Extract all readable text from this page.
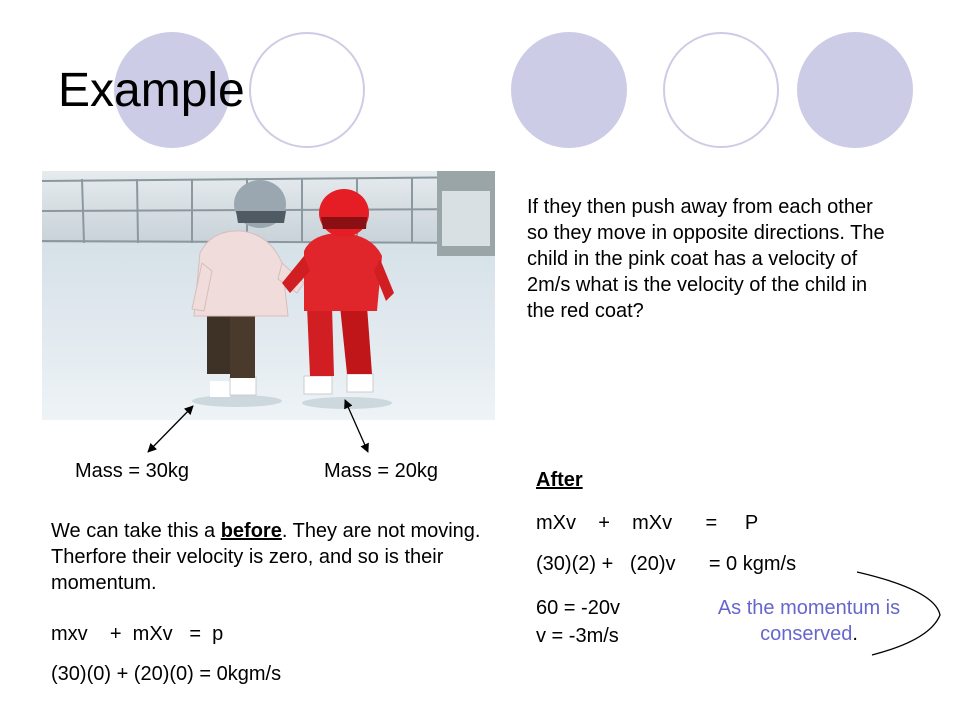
Example

If they then push away from each other so they move in opposite directions. The child in the pink coat has a velocity of 2m/s what is the velocity of the child in the red coat?

Mass = 30kg	Mass = 20kg

We can take this a before. They are not moving. Therfore their velocity is zero, and so is their momentum.

mxv    +  mXv   =  p

(30)(0) + (20)(0) = 0kgm/s

After

mXv    +    mXv      =     P

(30)(2) +   (20)v      = 0 kgm/s

60 = -20v

v = -3m/s

As the momentum is conserved.
